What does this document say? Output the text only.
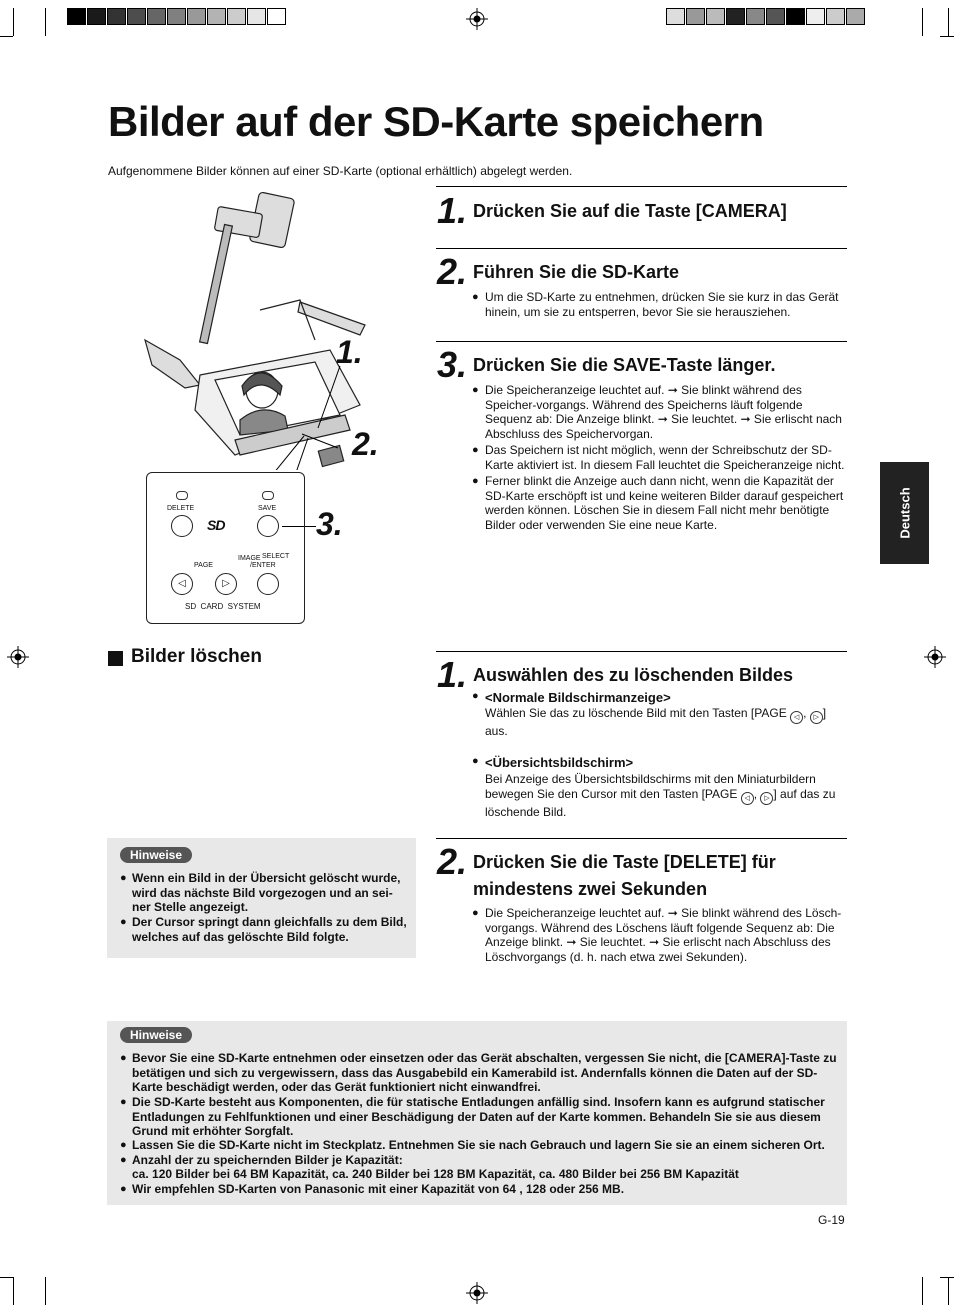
Bilder auf der SD-Karte speichern
Aufgenommene Bilder können auf einer SD-Karte (optional erhältlich) abgelegt werden.
Deutsch
1.
2.
3.
DELETE	SAVE
SD
IMAGE SELECT
/ENTER
PAGE
◁	▷
SD  CARD  SYSTEM
1. Drücken Sie auf die Taste [CAMERA]
2. Führen Sie die SD-Karte
● Um die SD-Karte zu entnehmen, drücken Sie sie kurz in das Gerät hinein, um sie zu entsperren, bevor Sie sie herausziehen.
3. Drücken Sie die SAVE-Taste länger.
● Die Speicheranzeige leuchtet auf. ➞ Sie blinkt während des Speicher-vorgangs. Während des Speicherns läuft folgende Sequenz ab: Die Anzeige blinkt. ➞ Sie leuchtet. ➞ Sie erlischt nach Abschluss des Speichervorgan.
● Das Speichern ist nicht möglich, wenn der Schreibschutz der SD-Karte aktiviert ist. In diesem Fall leuchtet die Speicheranzeige nicht.
● Ferner blinkt die Anzeige auch dann nicht, wenn die Kapazität der SD-Karte erschöpft ist und keine weiteren Bilder darauf gespeichert werden können. Löschen Sie in diesem Fall nicht mehr benötigte Bilder oder verwenden Sie eine neue Karte.
Bilder löschen	1. Auswählen des zu löschenden Bildes
● <Normale Bildschirmanzeige>
Wählen Sie das zu löschende Bild mit den Tasten [PAGE ◁ , ▷ ] aus.
● <Übersichtsbildschirm>
Bei Anzeige des Übersichtsbildschirms mit den Miniaturbildern bewegen Sie den Cursor mit den Tasten [PAGE ◁ , ▷ ] auf das zu löschende Bild.
Hinweise
● Wenn ein Bild in der Übersicht gelöscht wurde, wird das nächste Bild vorgezogen und an sei-ner Stelle angezeigt.
● Der Cursor springt dann gleichfalls zu dem Bild, welches auf das gelöschte Bild folgte.
2. Drücken Sie die Taste [DELETE] für mindestens zwei Sekunden
● Die Speicheranzeige leuchtet auf. ➞ Sie blinkt während des Lösch-vorgangs. Während des Löschens läuft folgende Sequenz ab: Die Anzeige blinkt. ➞ Sie leuchtet. ➞ Sie erlischt nach Abschluss des Löschvorgangs (d. h. nach etwa zwei Sekunden).
Hinweise
● Bevor Sie eine SD-Karte entnehmen oder einsetzen oder das Gerät abschalten, vergessen Sie nicht, die [CAMERA]-Taste zu betätigen und sich zu vergewissern, dass das Ausgabebild ein Kamerabild ist. Andernfalls können die Daten auf der SD-Karte beschädigt werden, oder das Gerät funktioniert nicht einwandfrei.
● Die SD-Karte besteht aus Komponenten, die für statische Entladungen anfällig sind. Insofern kann es aufgrund statischer Entladungen zu Fehlfunktionen und einer Beschädigung der Daten auf der Karte kommen. Behandeln Sie sie aus diesem Grund mit erhöhter Sorgfalt.
● Lassen Sie die SD-Karte nicht im Steckplatz. Entnehmen Sie sie nach Gebrauch und lagern Sie sie an einem sicheren Ort.
● Anzahl der zu speichernden Bilder je Kapazität:
ca. 120 Bilder bei 64 BM Kapazität, ca. 240 Bilder bei 128 BM Kapazität, ca. 480 Bilder bei 256 BM Kapazität
● Wir empfehlen SD-Karten von Panasonic mit einer Kapazität von 64 , 128 oder 256 MB.
G-19
